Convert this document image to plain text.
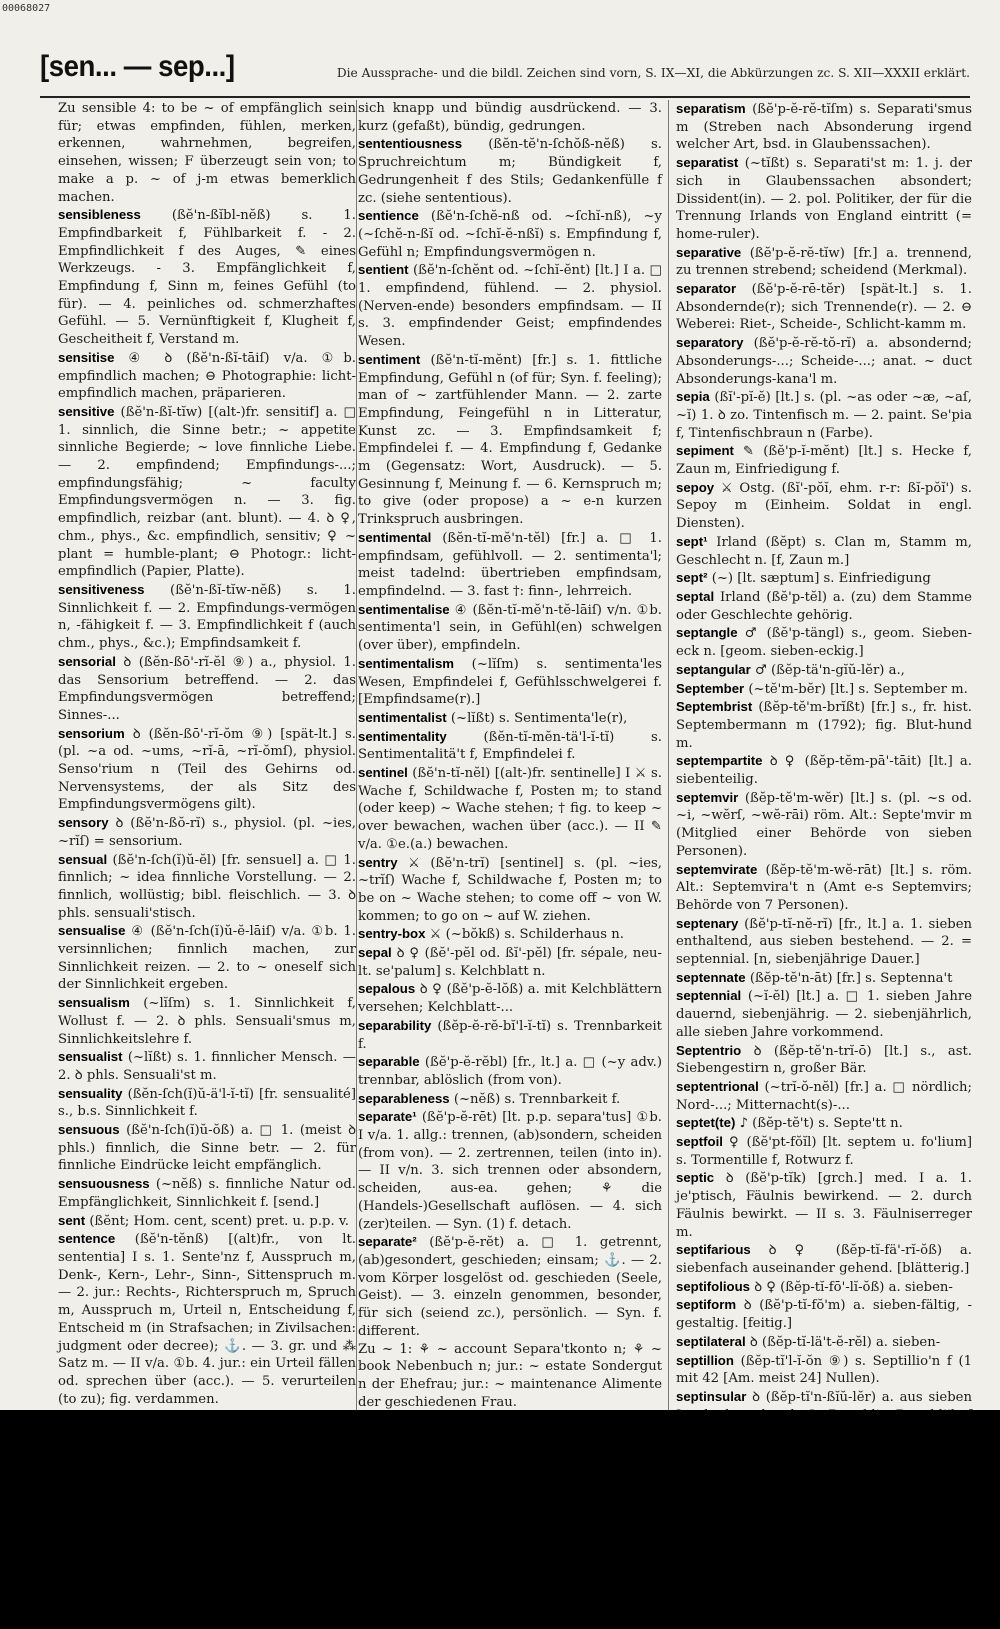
00068027
[sen... — sep...]	Die Aussprache- und die bildl. Zeichen sind vorn, S. IX—XI, die Abkürzungen zc. S. XII—XXXII erklärt.

Zu sensible 4: to be ~ of empfänglich sein für; etwas empfinden, fühlen, merken, erkennen, wahrnehmen, begreifen, einsehen, wissen; F überzeugt sein von; to make a p. ~ of j-m etwas bemerklich machen.

sensibleness (ßĕ'n-ßĭbl-nĕß) s. 1. Empfindbarkeit f, Fühlbarkeit f. - 2. Empfindlichkeit f des Auges, ✎ eines Werkzeugs. - 3. Empfänglichkeit f, Empfindung f, Sinn m, feines Gefühl (to für). — 4. peinliches od. schmerzhaftes Gefühl. — 5. Vernünftigkeit f, Klugheit f, Gescheitheit f, Verstand m.

sensitise ④ ꝺ (ßĕ'n-ßĭ-tāiſ) v/a. ①b. empfindlich machen; ⊖ Photographie: licht-empfindlich machen, präparieren.

sensitive (ßĕ'n-ßĭ-tĭw) [(alt-)fr. sensitif] a. □ 1. sinnlich, die Sinne betr.; ~ appetite sinnliche Begierde; ~ love finnliche Liebe. — 2. empfindend; Empfindungs-...; empfindungsfähig; ~ faculty Empfindungsvermögen n. — 3. fig. empfindlich, reizbar (ant. blunt). — 4. ꝺ ♀, chm., phys., &c. empfindlich, sensitiv; ♀ ~ plant = humble-plant; ⊖ Photogr.: licht-empfindlich (Papier, Platte).

sensitiveness (ßĕ'n-ßĭ-tĭw-nĕß) s. 1. Sinnlichkeit f. — 2. Empfindungs-vermögen n, -fähigkeit f. — 3. Empfindlichkeit f (auch chm., phys., &c.); Empfindsamkeit f.

sensorial ꝺ (ßĕn-ßō'-rĭ-ĕl ⑨) a., physiol. 1. das Sensorium betreffend. — 2. das Empfindungsvermögen betreffend; Sinnes-...

sensorium ꝺ (ßĕn-ßō'-rĭ-ŏm ⑨) [spät-lt.] s. (pl. ~a od. ~ums, ~rĭ-ā, ~rĭ-ŏmſ), physiol. Senso'rium n (Teil des Gehirns od. Nervensystems, der als Sitz des Empfindungsvermögens gilt).

sensory ꝺ (ßĕ'n-ßŏ-rĭ) s., physiol. (pl. ~ies, ~rĭſ) = sensorium.

sensual (ßĕ'n-ſch(ĭ)ŭ-ĕl) [fr. sensuel] a. □ 1. finnlich; ~ idea finnliche Vorstellung. — 2. finnlich, wollüstig; bibl. fleischlich. — 3. ꝺ phls. sensuali'stisch.

sensualise ④ (ßĕ'n-ſch(ĭ)ŭ-ĕ-lāiſ) v/a. ①b. 1. versinnlichen; finnlich machen, zur Sinnlichkeit reizen. — 2. to ~ oneself sich der Sinnlichkeit ergeben.

sensualism (~lĭſm) s. 1. Sinnlichkeit f, Wollust f. — 2. ꝺ phls. Sensuali'smus m, Sinnlichkeitslehre f.

sensualist (~lĭßt) s. 1. finnlicher Mensch. — 2. ꝺ phls. Sensuali'st m.

sensuality (ßĕn-ſch(ĭ)ŭ-ä'l-ĭ-tĭ) [fr. sensualité] s., b.s. Sinnlichkeit f.

sensuous (ßĕ'n-ſch(ĭ)ŭ-ŏß) a. □ 1. (meist ꝺ phls.) finnlich, die Sinne betr. — 2. für finnliche Eindrücke leicht empfänglich.

sensuousness (~nĕß) s. finnliche Natur od. Empfänglichkeit, Sinnlichkeit f. [send.]

sent (ßĕnt; Hom. cent, scent) pret. u. p.p. v.

sentence (ßĕ'n-tĕnß) [(alt)fr., von lt. sententia] I s. 1. Sente'nz f, Ausspruch m, Denk-, Kern-, Lehr-, Sinn-, Sittenspruch m. — 2. jur.: Rechts-, Richterspruch m, Spruch m, Ausspruch m, Urteil n, Entscheidung f, Entscheid m (in Strafsachen; in Zivilsachen: judgment oder decree); ⚓. — 3. gr. und ⁂ Satz m. — II v/a. ①b. 4. jur.: ein Urteil fällen od. sprechen über (acc.). — 5. verurteilen (to zu); fig. verdammen.

sich knapp und bündig ausdrückend. — 3. kurz (gefaßt), bündig, gedrungen.

sententiousness (ßĕn-tĕ'n-ſchŏß-nĕß) s. Spruchreichtum m; Bündigkeit f, Gedrungenheit f des Stils; Gedankenfülle f zc. (siehe sententious).

sentience (ßĕ'n-ſchĕ-nß od. ~ſchĭ-nß), ~y (~ſchĕ-n-ßĭ od. ~ſchĭ-ĕ-nßĭ) s. Empfindung f, Gefühl n; Empfindungsvermögen n.

sentient (ßĕ'n-ſchĕnt od. ~ſchĭ-ĕnt) [lt.] I a. □ 1. empfindend, fühlend. — 2. physiol. (Nerven-ende) besonders empfindsam. — II s. 3. empfindender Geist; empfindendes Wesen.

sentiment (ßĕ'n-tĭ-mĕnt) [fr.] s. 1. fittliche Empfindung, Gefühl n (of für; Syn. f. feeling); man of ~ zartfühlender Mann. — 2. zarte Empfindung, Feingefühl n in Litteratur, Kunst zc. — 3. Empfindsamkeit f; Empfindelei f. — 4. Empfindung f, Gedanke m (Gegensatz: Wort, Ausdruck). — 5. Gesinnung f, Meinung f. — 6. Kernspruch m; to give (oder propose) a ~ e-n kurzen Trinkspruch ausbringen.

sentimental (ßĕn-tĭ-mĕ'n-tĕl) [fr.] a. □ 1. empfindsam, gefühlvoll. — 2. sentimenta'l; meist tadelnd: übertrieben empfindsam, empfindelnd. — 3. fast †: finn-, lehrreich.

sentimentalise ④ (ßĕn-tĭ-mĕ'n-tĕ-lāiſ) v/n. ①b. sentimenta'l sein, in Gefühl(en) schwelgen (over über), empfindeln.

sentimentalism (~lĭſm) s. sentimenta'les Wesen, Empfindelei f, Gefühlsschwelgerei f. [Empfindsame(r).]

sentimentalist (~lĭßt) s. Sentimenta'le(r),

sentimentality	(ßĕn-tĭ-mĕn-tä'l-ĭ-tĭ) s. Sentimentalitä't f, Empfindelei f.

sentinel (ßĕ'n-tĭ-nĕl) [(alt-)fr. sentinelle] I ⚔ s. Wache f, Schildwache f, Posten m; to stand (oder keep) ~ Wache stehen; † fig. to keep ~ over bewachen, wachen über (acc.). — II ✎ v/a. ①e.(a.) bewachen.

sentry ⚔ (ßĕ'n-trĭ) [sentinel] s. (pl. ~ies, ~trĭſ) Wache f, Schildwache f, Posten m; to be on ~ Wache stehen; to come off ~ von W. kommen; to go on ~ auf W. ziehen.

sentry-box ⚔ (~bŏkß) s. Schilderhaus n.

sepal ꝺ ♀ (ßĕ'-pĕl od. ßĭ'-pĕl) [fr. sépale, neu-lt. se'palum] s. Kelchblatt n.

sepalous ꝺ ♀ (ßĕ'p-ĕ-lŏß) a. mit Kelchblättern versehen; Kelchblatt-...

separability (ßĕp-ĕ-rĕ-bĭ'l-ĭ-tĭ) s. Trennbarkeit f.

separable (ßĕ'p-ĕ-rĕbl) [fr., lt.] a. □ (~y adv.) trennbar, ablöslich (from von).

separableness (~nĕß) s. Trennbarkeit f.

separate¹ (ßĕ'p-ĕ-rēt) [lt. p.p. separa'tus] ①b. I v/a. 1. allg.: trennen, (ab)sondern, scheiden (from von). — 2. zertrennen, teilen (into in). — II v/n. 3. sich trennen oder absondern, scheiden, aus-ea. gehen; ⚘ die (Handels-)Gesellschaft auflösen. — 4. sich (zer)teilen. — Syn. (1) f. detach.

separate² (ßĕ'p-ĕ-rĕt) a. □ 1. getrennt, (ab)gesondert, geschieden; einsam; ⚓. — 2. vom Körper losgelöst od. geschieden (Seele, Geist). — 3. einzeln genommen, besonder, für sich (seiend zc.), persönlich. — Syn. f. different.

Zu ~ 1: ⚘ ~ account Separa'tkonto n; ⚘ ~ book Nebenbuch n; jur.: ~ estate Sondergut n der Ehefrau; jur.: ~ maintenance Alimente der geschiedenen Frau.

separatism (ßĕ'p-ĕ-rĕ-tĭſm) s. Separati'smus m (Streben nach Absonderung irgend welcher Art, bsd. in Glaubenssachen).

separatist (~tĭßt) s. Separati'st m: 1. j. der sich in Glaubenssachen absondert; Dissident(in). — 2. pol. Politiker, der für die Trennung Irlands von England eintritt (= home-ruler).

separative (ßĕ'p-ĕ-rĕ-tĭw) [fr.] a. trennend, zu trennen strebend; scheidend (Merkmal).

separator (ßĕ'p-ĕ-rē-tĕr) [spät-lt.] s. 1. Absondernde(r); sich Trennende(r). — 2. ⊖ Weberei: Riet-, Scheide-, Schlicht-kamm m.

separatory (ßĕ'p-ĕ-rĕ-tŏ-rĭ) a. absondernd; Absonderungs-...; Scheide-...; anat. ~ duct Absonderungs-kana'l m.

sepia (ßĭ'-pĭ-ĕ) [lt.] s. (pl. ~as oder ~æ, ~aſ, ~ĭ) 1. ꝺ zo. Tintenfisch m. — 2. paint. Se'pia f, Tintenfischbraun n (Farbe).

sepiment ✎ (ßĕ'p-ĭ-mĕnt) [lt.] s. Hecke f, Zaun m, Einfriedigung f.

sepoy ⚔ Ostg. (ßĭ'-pŏĭ, ehm. r-r: ßĭ-pŏĭ') s. Sepoy m (Einheim. Soldat in engl. Diensten).

sept¹ Irland (ßĕpt) s. Clan m, Stamm m, Geschlecht n. [f, Zaun m.]

sept² (~) [lt. sæptum] s. Einfriedigung

septal Irland (ßĕ'p-tĕl) a. (zu) dem Stamme oder Geschlechte gehörig.

septangle ♂ (ßĕ'p-tängl) s., geom. Sieben-eck n. [geom. sieben-eckig.]

septangular ♂ (ßĕp-tä'n-gĭŭ-lĕr) a.,

September (~tĕ'm-bĕr) [lt.] s. September m.

Septembrist (ßĕp-tĕ'm-brĭßt) [fr.] s., fr. hist. Septembermann m (1792); fig. Blut-hund m.

septempartite ꝺ ♀ (ßĕp-tĕm-pā'-tāit) [lt.] a. siebenteilig.

septemvir (ßĕp-tĕ'm-wĕr) [lt.] s. (pl. ~s od. ~i, ~wĕrſ, ~wĕ-rāi) röm. Alt.: Septe'mvir m (Mitglied einer Behörde von sieben Personen).

septemvirate (ßĕp-tĕ'm-wĕ-rāt) [lt.] s. röm. Alt.: Septemvira't n (Amt e-s Septemvirs; Behörde von 7 Personen).

septenary (ßĕ'p-tĭ-nĕ-rĭ) [fr., lt.] a. 1. sieben enthaltend, aus sieben bestehend. — 2. = septennial. [n, siebenjährige Dauer.]

septennate (ßĕp-tĕ'n-āt) [fr.] s. Septenna't

septennial (~ĭ-ĕl) [lt.] a. □ 1. sieben Jahre dauernd, siebenjährig. — 2. siebenjährlich, alle sieben Jahre vorkommend.

Septentrio ꝺ (ßĕp-tĕ'n-trĭ-ō) [lt.] s., ast. Siebengestirn n, großer Bär.

septentrional (~trĭ-ŏ-nĕl) [fr.] a. □ nördlich; Nord-...; Mitternacht(s)-...

septet(te) ♪ (ßĕp-tĕ't) s. Septe'tt n.

septfoil ♀ (ßĕ'pt-fŏĭl) [lt. septem u. fo'lium] s. Tormentille f, Rotwurz f.

septic ꝺ (ßĕ'p-tĭk) [grch.] med. I a. 1. je'ptisch, Fäulnis bewirkend. — 2. durch Fäulnis bewirkt. — II s. 3. Fäulniserreger m.

septifarious ꝺ ♀ (ßĕp-tĭ-fä'-rĭ-ŏß) a. siebenfach auseinander gehend. [blätterig.]

septifolious ꝺ ♀ (ßĕp-tĭ-fō'-lĭ-ŏß) a. sieben-

septiform ꝺ (ßĕ'p-tĭ-fŏ'm) a. sieben-fältig, -gestaltig. [feitig.]

septilateral ꝺ (ßĕp-tĭ-lä't-ĕ-rĕl) a. sieben-

septillion (ßĕp-tĭ'l-ĭ-ŏn ⑨) s. Septillio'n f (1 mit 42 [Am. meist 24] Nullen).

septinsular ꝺ (ßĕp-tĭ'n-ßĭŭ-lĕr) a. aus sieben
